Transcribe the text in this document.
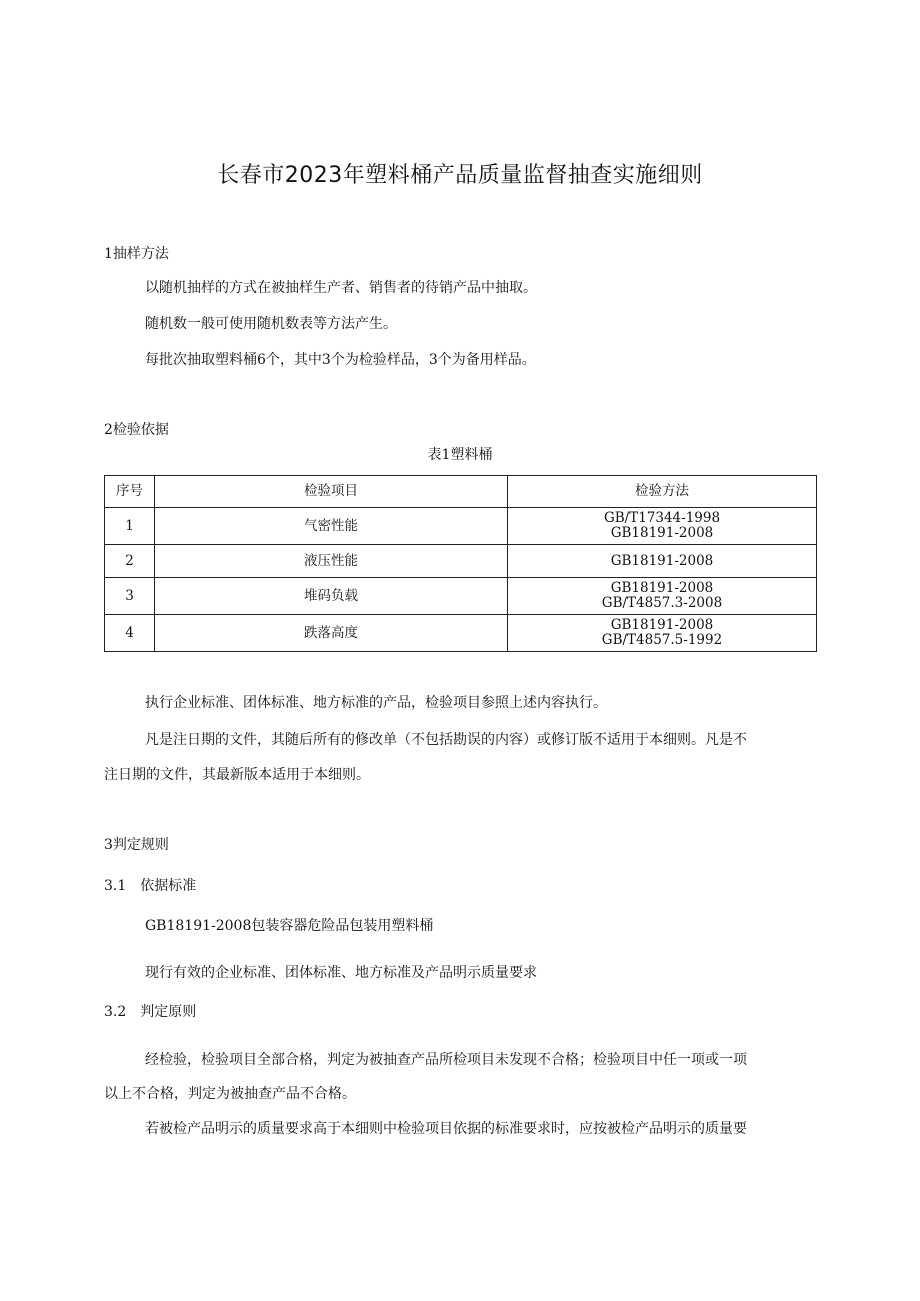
长春市2023年塑料桶产品质量监督抽查实施细则
1抽样方法
以随机抽样的方式在被抽样生产者、销售者的待销产品中抽取。
随机数一般可使用随机数表等方法产生。
每批次抽取塑料桶6个，其中3个为检验样品，3个为备用样品。
2检验依据
表1塑料桶
序号	检验项目	检验方法
1	气密性能	GB/T17344-1998
GB18191-2008

2	液压性能	GB18191-2008

3	堆码负载	GB18191-2008
GB/T4857.3-2008

4	跌落高度	GB18191-2008
GB/T4857.5-1992
执行企业标准、团体标准、地方标准的产品，检验项目参照上述内容执行。
凡是注日期的文件，其随后所有的修改单（不包括勘误的内容）或修订版不适用于本细则。凡是不
注日期的文件，其最新版本适用于本细则。
3判定规则
3.1　依据标准
GB18191-2008包装容器危险品包装用塑料桶
现行有效的企业标准、团体标准、地方标准及产品明示质量要求
3.2　判定原则
经检验，检验项目全部合格，判定为被抽查产品所检项目未发现不合格；检验项目中任一项或一项
以上不合格，判定为被抽查产品不合格。
若被检产品明示的质量要求高于本细则中检验项目依据的标准要求时，应按被检产品明示的质量要
